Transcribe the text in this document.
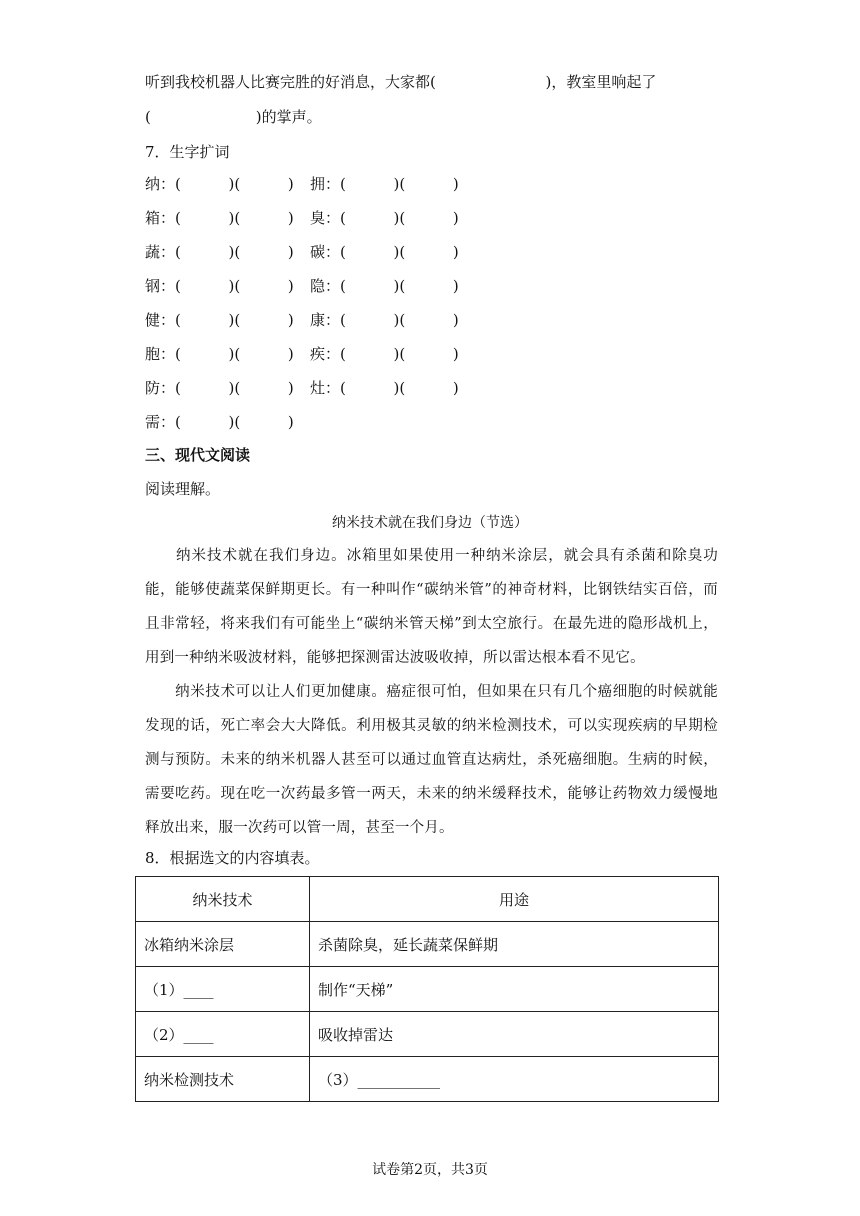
听到我校机器人比赛完胜的好消息，大家都(                       )，教室里响起了
(                      )的掌声。
7．生字扩词
纳：(          )(          ) 拥：(          )(          )
箱：(          )(          ) 臭：(          )(          )
蔬：(          )(          ) 碳：(          )(          )
钢：(          )(          ) 隐：(          )(          )
健：(          )(          ) 康：(          )(          )
胞：(          )(          ) 疾：(          )(          )
防：(          )(          ) 灶：(          )(          )
需：(          )(          )
三、现代文阅读
阅读理解。
纳米技术就在我们身边（节选）
　　纳米技术就在我们身边。冰箱里如果使用一种纳米涂层，就会具有杀菌和除臭功能，能够使蔬菜保鲜期更长。有一种叫作“碳纳米管”的神奇材料，比钢铁结实百倍，而且非常轻，将来我们有可能坐上“碳纳米管天梯”到太空旅行。在最先进的隐形战机上，用到一种纳米吸波材料，能够把探测雷达波吸收掉，所以雷达根本看不见它。
　　纳米技术可以让人们更加健康。癌症很可怕，但如果在只有几个癌细胞的时候就能发现的话，死亡率会大大降低。利用极其灵敏的纳米检测技术，可以实现疾病的早期检测与预防。未来的纳米机器人甚至可以通过血管直达病灶，杀死癌细胞。生病的时候，需要吃药。现在吃一次药最多管一两天，未来的纳米缓释技术，能够让药物效力缓慢地释放出来，服一次药可以管一周，甚至一个月。
8．根据选文的内容填表。
纳米技术	用途
冰箱纳米涂层	杀菌除臭，延长蔬菜保鲜期
（1）____	制作“天梯”
（2）____	吸收掉雷达
纳米检测技术	（3）___________
试卷第2页，共3页
